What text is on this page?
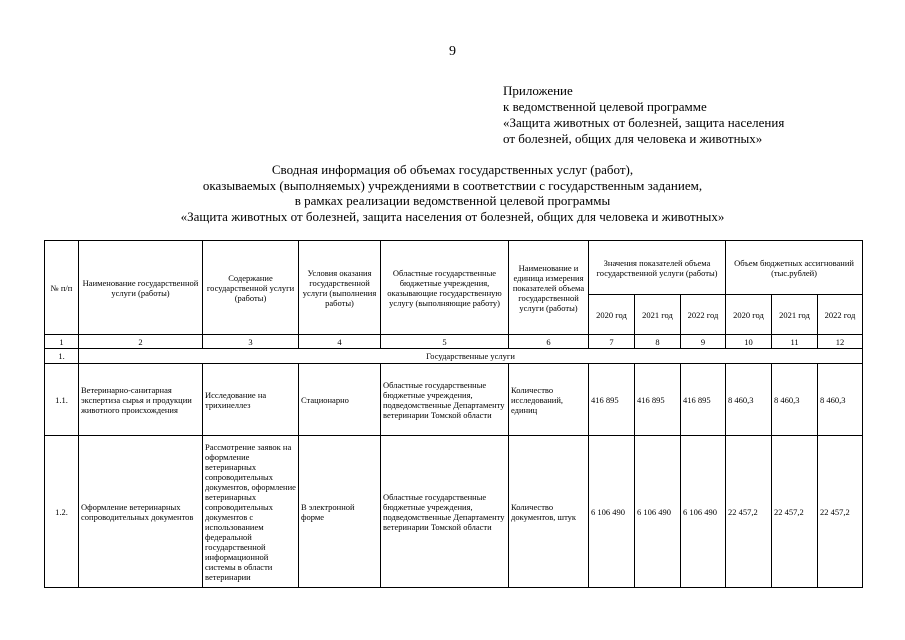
9
Приложение
к ведомственной целевой программе
«Защита животных от болезней, защита населения
от болезней, общих для человека и животных»
Сводная информация об объемах государственных услуг (работ),
оказываемых (выполняемых) учреждениями в соответствии с государственным заданием,
в рамках реализации ведомственной целевой программы
«Защита животных от болезней, защита населения от болезней, общих для человека и животных»
№ п/п	Наименование государственной услуги (работы)	Содержание государственной услуги (работы)	Условия оказания государственной услуги (выполнения работы)	Областные государственные бюджетные учреждения, оказывающие государственную услугу (выполняющие работу)	Наименование и единица измерения показателей объема государственной услуги (работы)	Значения показателей объема государственной услуги (работы)			Объем бюджетных ассигнований (тыс.рублей)		
						2020 год	2021 год	2022 год	2020 год	2021 год	2022 год
1	2	3	4	5	6	7	8	9	10	11	12
1.	Государственные услуги										
1.1.	Ветеринарно-санитарная экспертиза сырья и продукции животного происхождения	Исследование на трихинеллез	Стационарно	Областные государственные бюджетные учреждения, подведомственные Департаменту ветеринарии Томской области	Количество исследований, единиц	416 895	416 895	416 895	8 460,3	8 460,3	8 460,3
1.2.	Оформление ветеринарных сопроводительных документов	Рассмотрение заявок на оформление ветеринарных сопроводительных документов, оформление ветеринарных сопроводительных документов с использованием федеральной государственной информационной системы в области ветеринарии	В электронной форме	Областные государственные бюджетные учреждения, подведомственные Департаменту ветеринарии Томской области	Количество документов, штук	6 106 490	6 106 490	6 106 490	22 457,2	22 457,2	22 457,2
